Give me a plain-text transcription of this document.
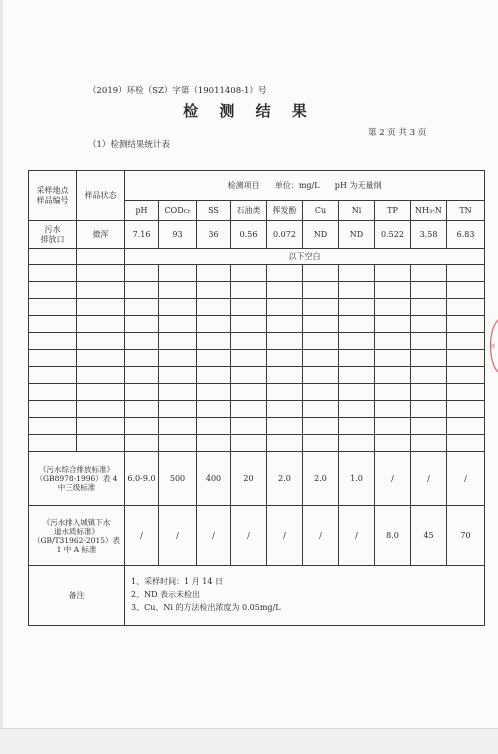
（2019）环检（SZ）字第（19011408-1）号
检 测 结 果
第 2 页 共 3 页
（1）检测结果统计表
测
采样地点
样品编号	样品状态	检测项目      单位：mg/L      pH 为无量纲									
		pH	CODCr	SS	石油类	挥发酚	Cu	Ni	TP	NH₃-N	TN
污水
排放口	微浑	7.16	93	36	0.56	0.072	ND	ND	0.522	3.58	6.83
		以下空白									

《污水综合排放标准》
（GB8978-1996）表 4
中三级标准		6.0-9.0	500	400	20	2.0	2.0	1.0	/	/	/
《污水排入城镇下水
道水质标准》
（GB/T31962-2015）表
1 中 A 标准		/	/	/	/	/	/	/	8.0	45	70
备注		1、采样时间：1 月 14 日
2、ND 表示未检出
3、Cu、Ni 的方法检出浓度为 0.05mg/L									
